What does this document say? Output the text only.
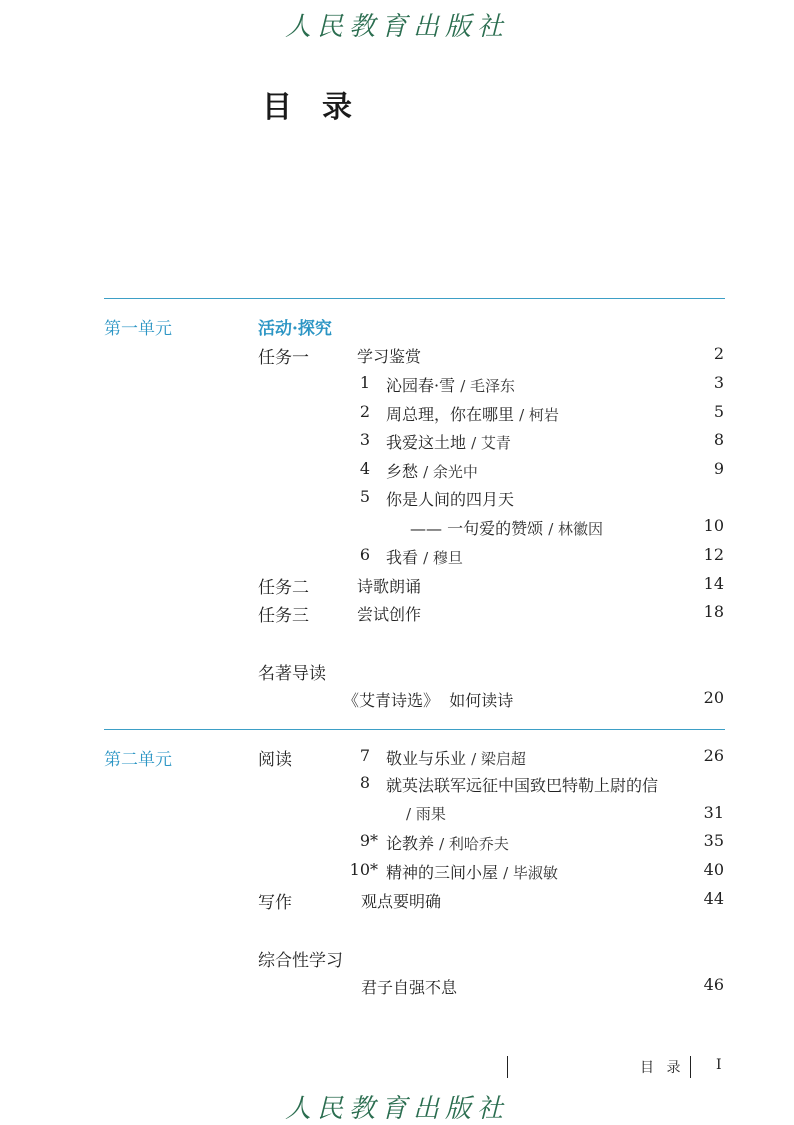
人民教育出版社
目录
第一单元	活动·探究
任务一	学习鉴赏	2
1 沁园春·雪 / 毛泽东	3
2 周总理，你在哪里 / 柯岩	5
3 我爱这土地 / 艾青	8
4 乡愁 / 余光中	9
5 你是人间的四月天
—— 一句爱的赞颂 / 林徽因	10
6 我看 / 穆旦	12
任务二	诗歌朗诵	14
任务三	尝试创作	18
名著导读
《艾青诗选》 如何读诗	20
第二单元	阅读	7 敬业与乐业 / 梁启超	26
8 就英法联军远征中国致巴特勒上尉的信
/ 雨果	31
9* 论教养 / 利哈乔夫	35
10* 精神的三间小屋 / 毕淑敏	40
写作	观点要明确	44
综合性学习
君子自强不息	46
目 录 I
人民教育出版社
